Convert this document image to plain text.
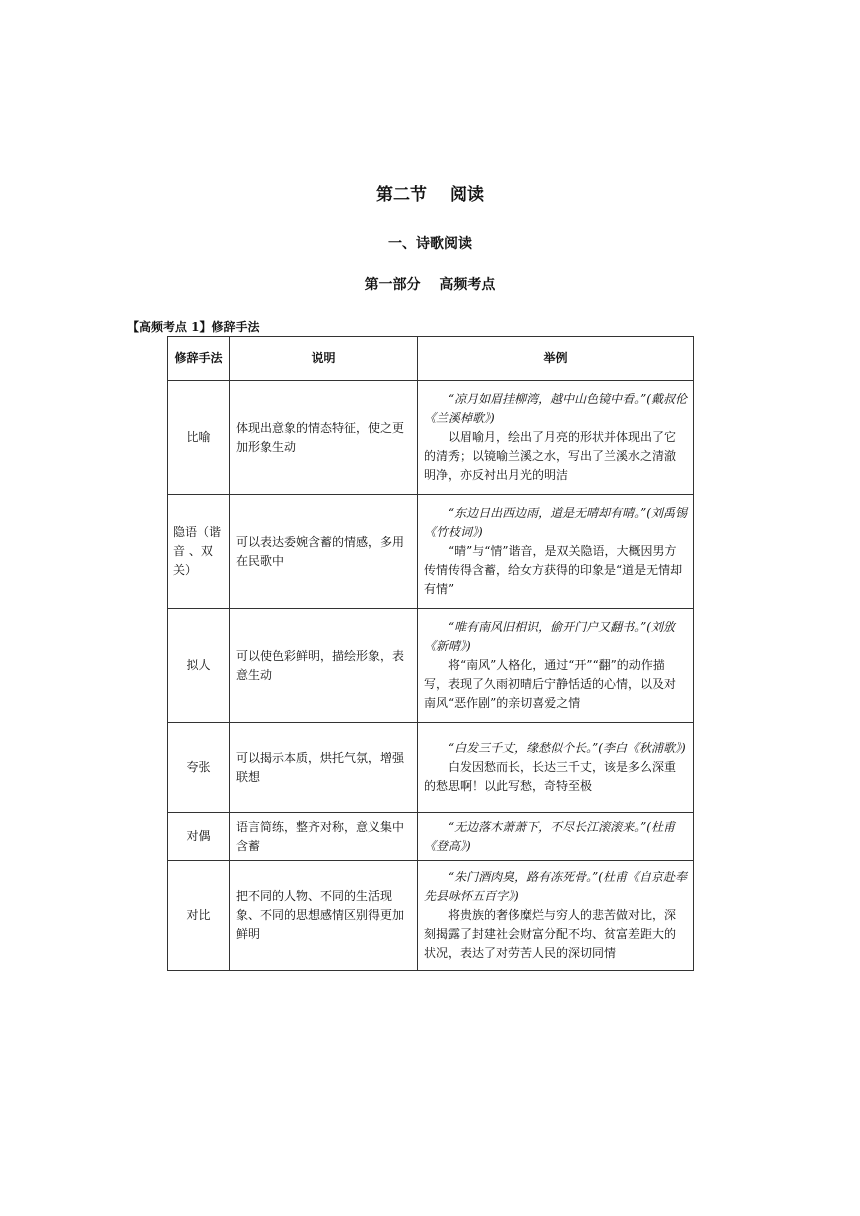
第二节　 阅读
一、诗歌阅读
第一部分　 高频考点
【高频考点 1】修辞手法
修辞手法	说明	举例
比喻	体现出意象的情态特征，使之更加形象生动	“凉月如眉挂柳湾，越中山色镜中看。”(戴叔伦《兰溪棹歌》)
以眉喻月，绘出了月亮的形状并体现出了它的清秀；以镜喻兰溪之水，写出了兰溪水之清澈明净，亦反衬出月光的明洁

隐语（谐音 、双关）	可以表达委婉含蓄的情感，多用在民歌中	“东边日出西边雨，道是无晴却有晴。”(刘禹锡《竹枝词》)
“晴”与“情”谐音，是双关隐语，大概因男方传情传得含蓄，给女方获得的印象是“道是无情却有情”

拟人	可以使色彩鲜明，描绘形象，表意生动	“唯有南风旧相识，偷开门户又翻书。”(刘攽《新晴》)
将“南风”人格化，通过“开”“翻”的动作描写，表现了久雨初晴后宁静恬适的心情，以及对南风“恶作剧”的亲切喜爱之情

夸张	可以揭示本质，烘托气氛，增强联想	“白发三千丈，缘愁似个长。”(李白《秋浦歌》)
白发因愁而长，长达三千丈，该是多么深重的愁思啊！以此写愁，奇特至极

对偶	语言简练，整齐对称，意义集中含蓄	“无边落木萧萧下，不尽长江滚滚来。”(杜甫《登高》)

对比	把不同的人物、不同的生活现象、不同的思想感情区别得更加鲜明	“朱门酒肉臭，路有冻死骨。”(杜甫《自京赴奉先县咏怀五百字》)
将贵族的奢侈糜烂与穷人的悲苦做对比，深刻揭露了封建社会财富分配不均、贫富差距大的状况，表达了对劳苦人民的深切同情
